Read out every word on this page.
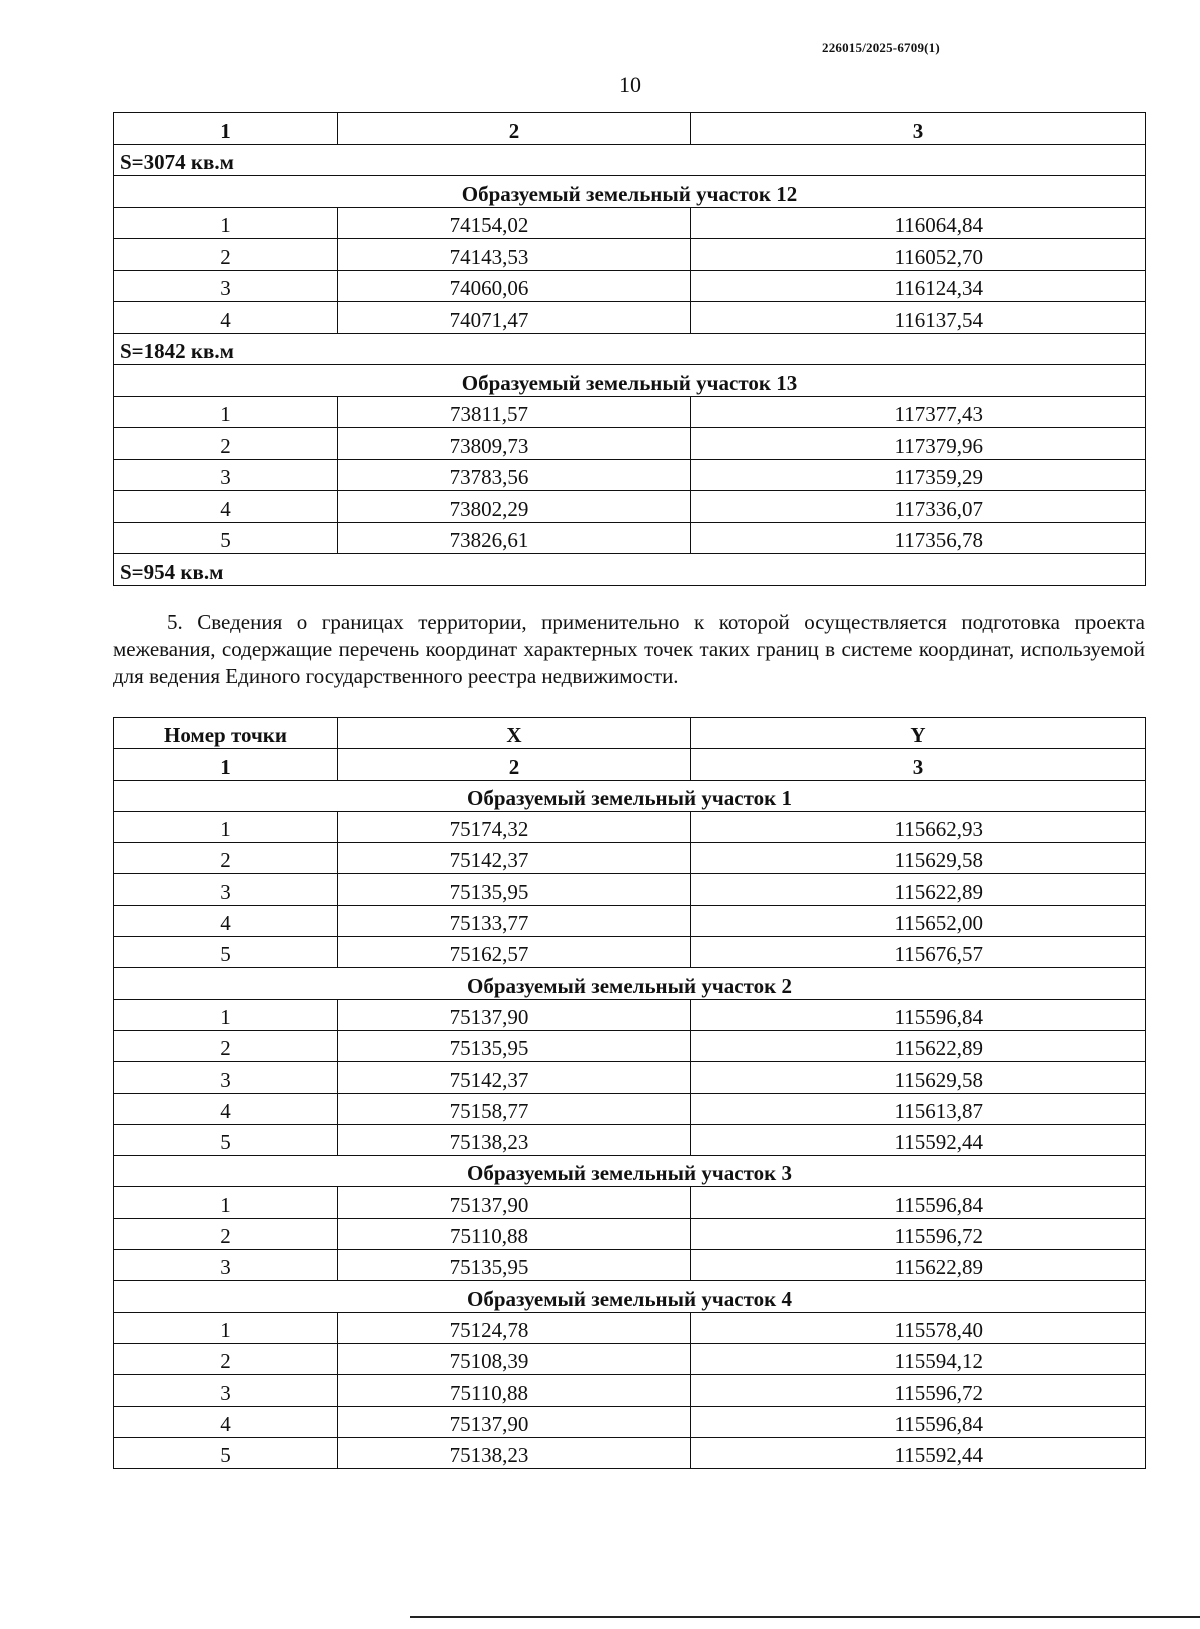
226015/2025-6709(1)
10
1	2	3
S=3074 кв.м		
Образуемый земельный участок 12		
1	74154,02	116064,84
2	74143,53	116052,70
3	74060,06	116124,34
4	74071,47	116137,54
S=1842 кв.м		
Образуемый земельный участок 13		
1	73811,57	117377,43
2	73809,73	117379,96
3	73783,56	117359,29
4	73802,29	117336,07
5	73826,61	117356,78
S=954 кв.м		
5. Сведения о границах территории, применительно к которой осуществляется подготовка проекта межевания, содержащие перечень координат характерных точек таких границ в системе координат, используемой для ведения Единого государственного реестра недвижимости.
Номер точки	X	Y
1	2	3
Образуемый земельный участок 1		
1	75174,32	115662,93
2	75142,37	115629,58
3	75135,95	115622,89
4	75133,77	115652,00
5	75162,57	115676,57
Образуемый земельный участок 2		
1	75137,90	115596,84
2	75135,95	115622,89
3	75142,37	115629,58
4	75158,77	115613,87
5	75138,23	115592,44
Образуемый земельный участок 3		
1	75137,90	115596,84
2	75110,88	115596,72
3	75135,95	115622,89
Образуемый земельный участок 4		
1	75124,78	115578,40
2	75108,39	115594,12
3	75110,88	115596,72
4	75137,90	115596,84
5	75138,23	115592,44
